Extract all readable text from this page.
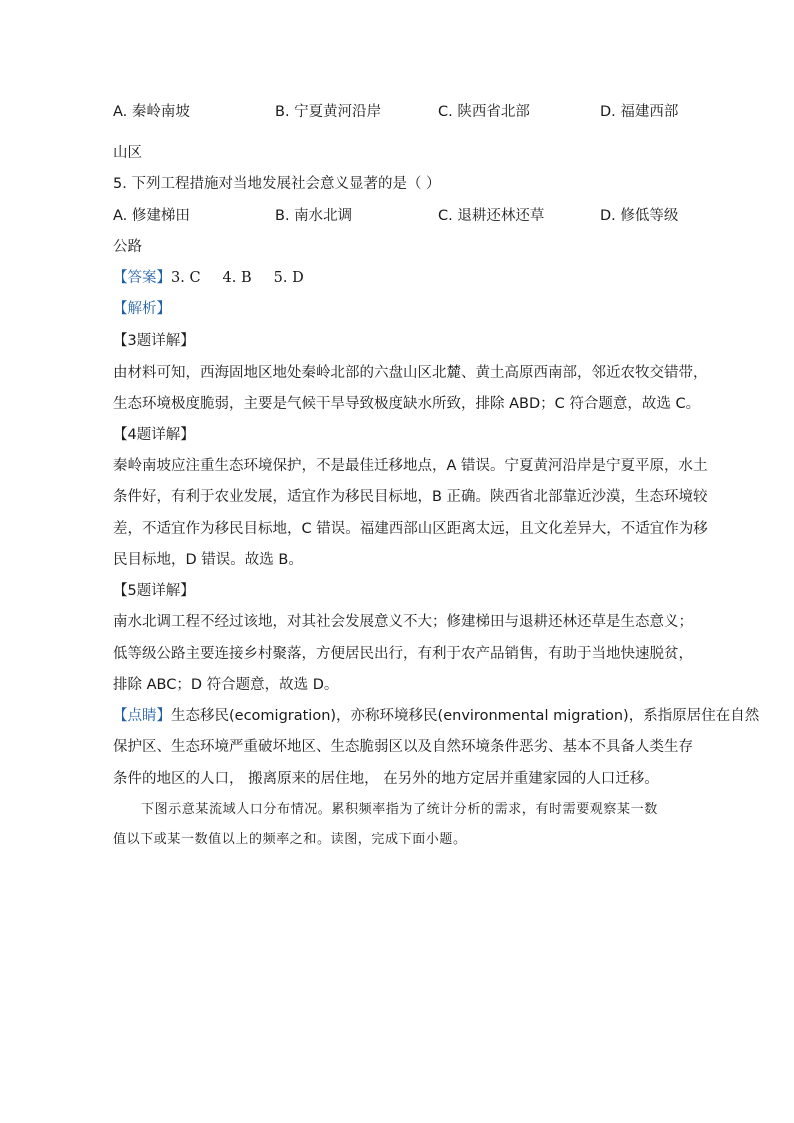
A. 秦岭南坡	B. 宁夏黄河沿岸	C. 陕西省北部	D. 福建西部
山区
5. 下列工程措施对当地发展社会意义显著的是（ ）
A. 修建梯田	B. 南水北调	C. 退耕还林还草	D. 修低等级
公路
【答案】3. C 4. B 5. D
【解析】
【3题详解】
由材料可知，西海固地区地处秦岭北部的六盘山区北麓、黄土高原西南部，邻近农牧交错带，
生态环境极度脆弱，主要是气候干旱导致极度缺水所致，排除 ABD；C 符合题意，故选 C。
【4题详解】
秦岭南坡应注重生态环境保护，不是最佳迁移地点，A 错误。宁夏黄河沿岸是宁夏平原，水土
条件好，有利于农业发展，适宜作为移民目标地，B 正确。陕西省北部靠近沙漠，生态环境较
差，不适宜作为移民目标地，C 错误。福建西部山区距离太远，且文化差异大，不适宜作为移
民目标地，D 错误。故选 B。
【5题详解】
南水北调工程不经过该地，对其社会发展意义不大；修建梯田与退耕还林还草是生态意义；
低等级公路主要连接乡村聚落，方便居民出行，有利于农产品销售，有助于当地快速脱贫，
排除 ABC；D 符合题意，故选 D。
【点睛】生态移民(ecomigration)，亦称环境移民(environmental migration)，系指原居住在自然
保护区、生态环境严重破坏地区、生态脆弱区以及自然环境条件恶劣、基本不具备人类生存
条件的地区的人口， 搬离原来的居住地， 在另外的地方定居并重建家园的人口迁移。
下图示意某流域人口分布情况。累积频率指为了统计分析的需求，有时需要观察某一数
值以下或某一数值以上的频率之和。读图，完成下面小题。
